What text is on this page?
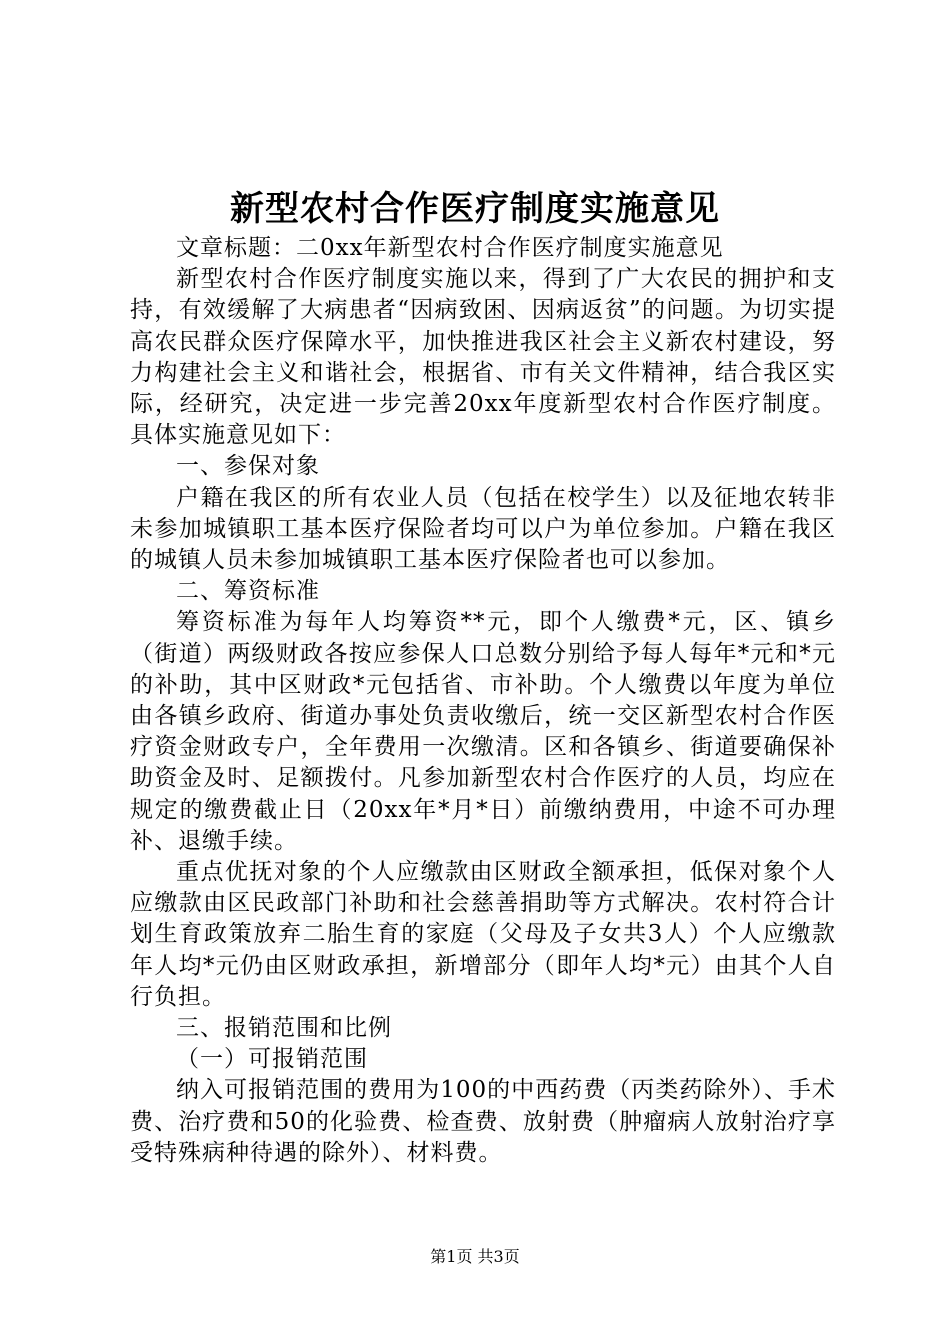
新型农村合作医疗制度实施意见

文章标题：二0xx年新型农村合作医疗制度实施意见

新型农村合作医疗制度实施以来，得到了广大农民的拥护和支持，有效缓解了大病患者“因病致困、因病返贫”的问题。为切实提高农民群众医疗保障水平，加快推进我区社会主义新农村建设，努力构建社会主义和谐社会，根据省、市有关文件精神，结合我区实际，经研究，决定进一步完善20xx年度新型农村合作医疗制度。具体实施意见如下：

一、参保对象

户籍在我区的所有农业人员（包括在校学生）以及征地农转非未参加城镇职工基本医疗保险者均可以户为单位参加。户籍在我区的城镇人员未参加城镇职工基本医疗保险者也可以参加。

二、筹资标准

筹资标准为每年人均筹资**元，即个人缴费*元，区、镇乡（街道）两级财政各按应参保人口总数分别给予每人每年*元和*元的补助，其中区财政*元包括省、市补助。个人缴费以年度为单位由各镇乡政府、街道办事处负责收缴后，统一交区新型农村合作医疗资金财政专户，全年费用一次缴清。区和各镇乡、街道要确保补助资金及时、足额拨付。凡参加新型农村合作医疗的人员，均应在规定的缴费截止日（20xx年*月*日）前缴纳费用，中途不可办理补、退缴手续。

重点优抚对象的个人应缴款由区财政全额承担，低保对象个人应缴款由区民政部门补助和社会慈善捐助等方式解决。农村符合计划生育政策放弃二胎生育的家庭（父母及子女共3人）个人应缴款年人均*元仍由区财政承担，新增部分（即年人均*元）由其个人自行负担。

三、报销范围和比例

（一）可报销范围

纳入可报销范围的费用为100的中西药费（丙类药除外）、手术费、治疗费和50的化验费、检查费、放射费（肿瘤病人放射治疗享受特殊病种待遇的除外）、材料费。

第1页 共3页
